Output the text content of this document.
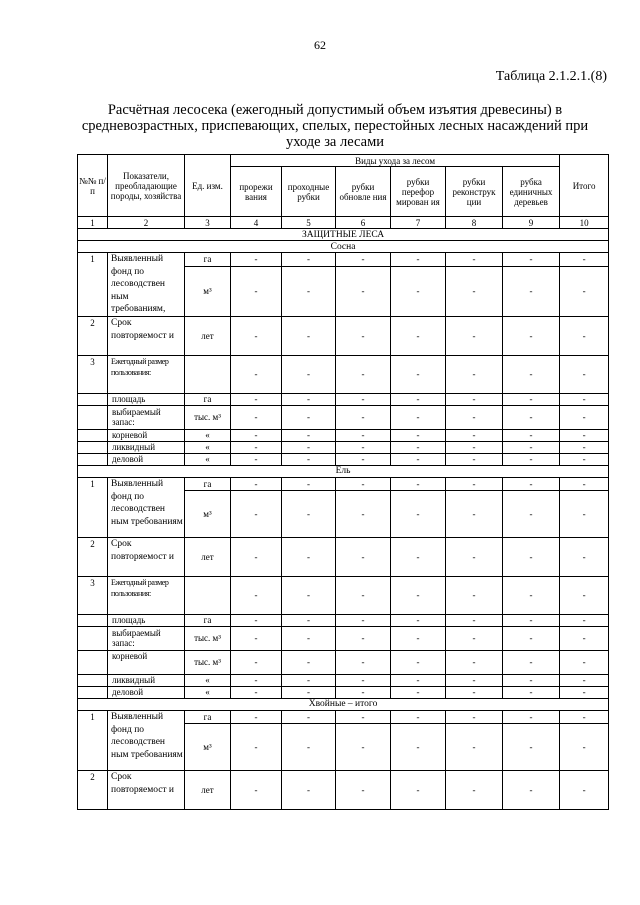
62
Таблица 2.1.2.1.(8)
Расчётная лесосека (ежегодный допустимый объем изъятия древесины) в средневозрастных, приспевающих, спелых, перестойных лесных насаждений при уходе за лесами
№№ п/п	Показатели, преобладающие породы, хозяйства	Ед. изм.	Виды ухода за лесом						Итого
			прорежи вания	проходные рубки	рубки обновле ния	рубки перефор мирован ия	рубки реконструк ции	рубка единичных деревьев	
1	2	3	4	5	6	7	8	9	10
ЗАЩИТНЫЕ ЛЕСА									
Сосна									
1	Выявленный фонд по лесоводствен ным требованиям,	га	-	-	-	-	-	-	-
		м³	-	-	-	-	-	-	-
2	Срок повторяемост и	лет	-	-	-	-	-	-	-
3	Ежегодный размер пользования:		-	-	-	-	-	-	-
	площадь	га	-	-	-	-	-	-	-
	выбираемый запас:	тыс. м³	-	-	-	-	-	-	-
	корневой	«	-	-	-	-	-	-	-
	ликвидный	«	-	-	-	-	-	-	-
	деловой	«	-	-	-	-	-	-	-
Ель									
1	Выявленный фонд по лесоводствен ным требованиям	га	-	-	-	-	-	-	-
		м³	-	-	-	-	-	-	-
2	Срок повторяемост и	лет	-	-	-	-	-	-	-
3	Ежегодный размер пользования:		-	-	-	-	-	-	-
	площадь	га	-	-	-	-	-	-	-
	выбираемый запас:	тыс. м³	-	-	-	-	-	-	-
	корневой	тыс. м³	-	-	-	-	-	-	-
	ликвидный	«	-	-	-	-	-	-	-
	деловой	«	-	-	-	-	-	-	-
Хвойные – итого									
1	Выявленный фонд по лесоводствен ным требованиям	га	-	-	-	-	-	-	-
		м³	-	-	-	-	-	-	-
2	Срок повторяемост и	лет	-	-	-	-	-	-	-
